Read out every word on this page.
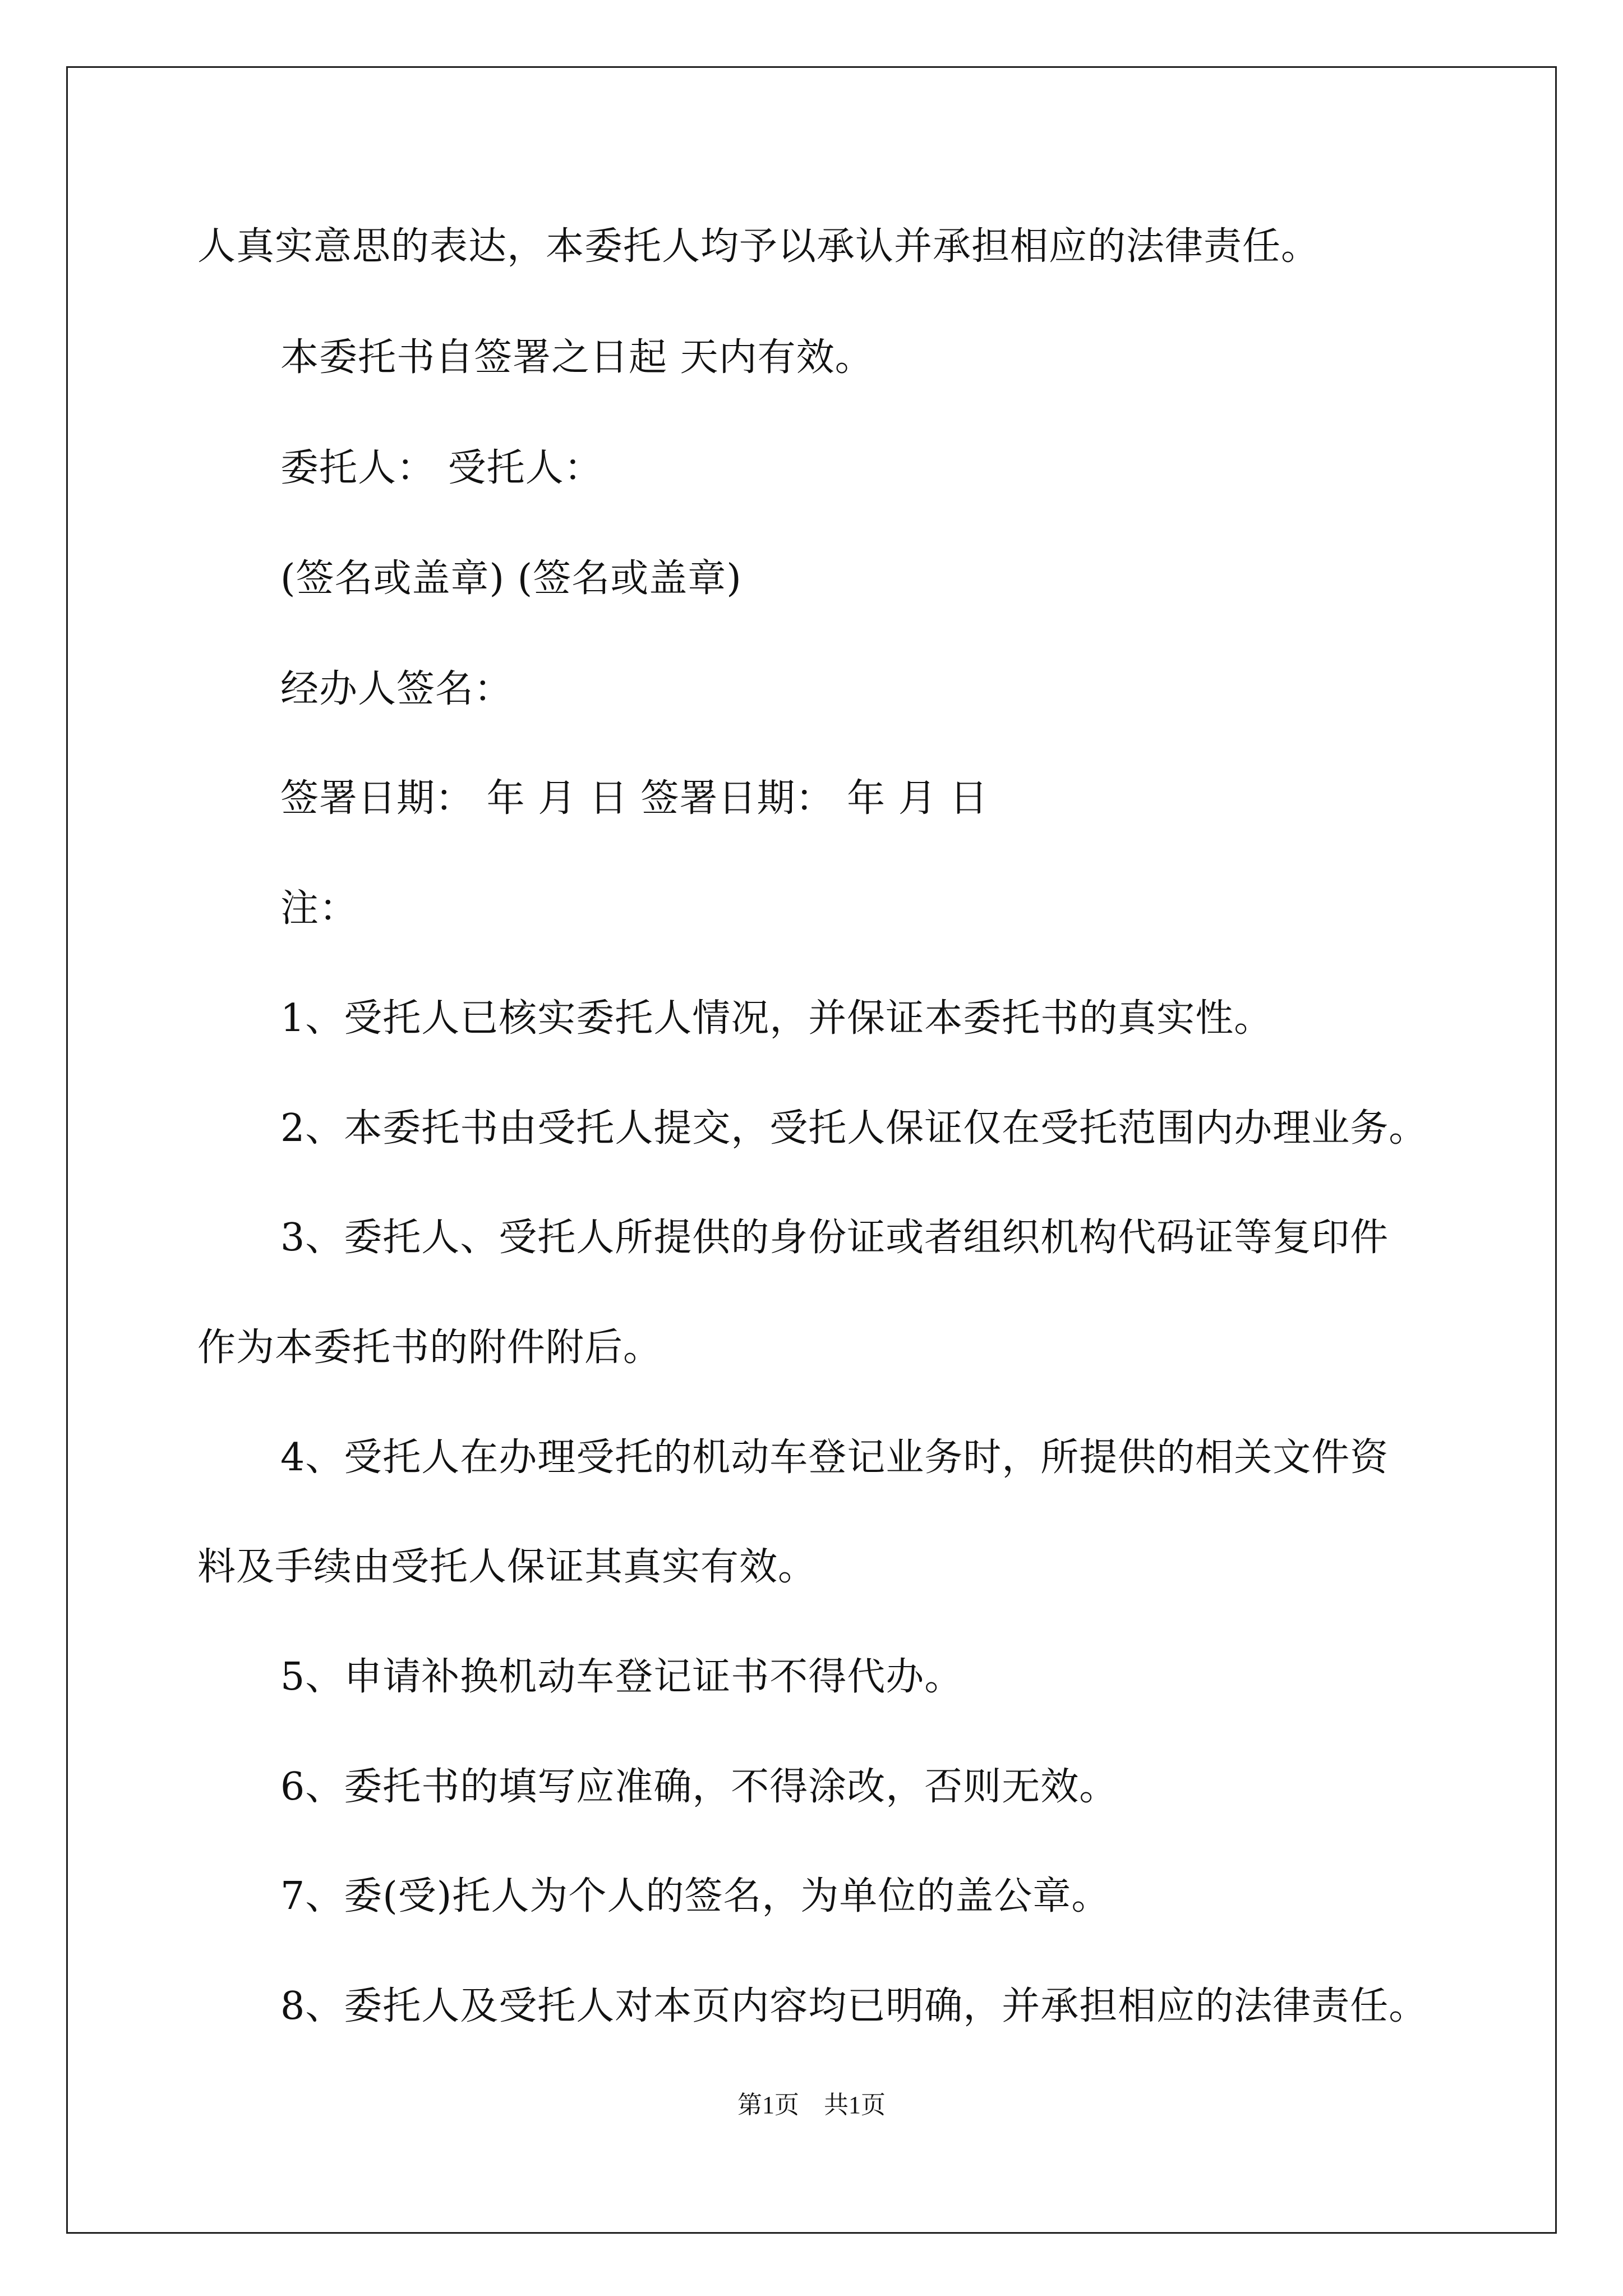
人真实意思的表达，本委托人均予以承认并承担相应的法律责任。
本委托书自签署之日起 天内有效。
委托人： 受托人：
(签名或盖章) (签名或盖章)
经办人签名：
签署日期： 年 月 日 签署日期： 年 月 日
注：
1、受托人已核实委托人情况，并保证本委托书的真实性。
2、本委托书由受托人提交，受托人保证仅在受托范围内办理业务。
3、委托人、受托人所提供的身份证或者组织机构代码证等复印件
作为本委托书的附件附后。
4、受托人在办理受托的机动车登记业务时，所提供的相关文件资
料及手续由受托人保证其真实有效。
5、申请补换机动车登记证书不得代办。
6、委托书的填写应准确，不得涂改，否则无效。
7、委(受)托人为个人的签名，为单位的盖公章。
8、委托人及受托人对本页内容均已明确，并承担相应的法律责任。
第1页　共1页
